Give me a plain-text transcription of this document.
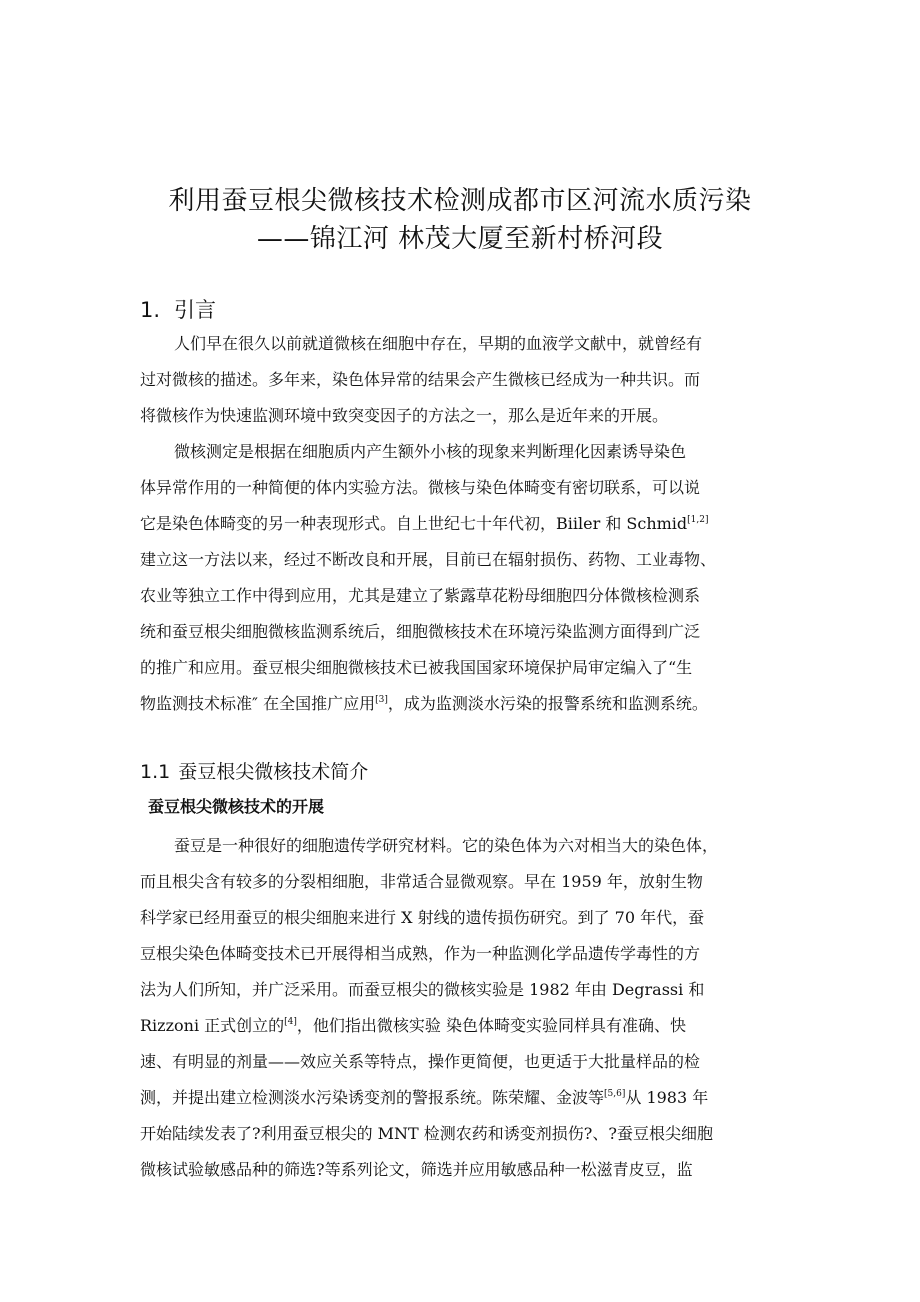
利用蚕豆根尖微核技术检测成都市区河流水质污染
——锦江河 林茂大厦至新村桥河段
1. 引言
人们早在很久以前就道微核在细胞中存在，早期的血液学文献中，就曾经有
过对微核的描述。多年来，染色体异常的结果会产生微核已经成为一种共识。而
将微核作为快速监测环境中致突变因子的方法之一，那么是近年来的开展。
微核测定是根据在细胞质内产生额外小核的现象来判断理化因素诱导染色
体异常作用的一种简便的体内实验方法。微核与染色体畸变有密切联系，可以说
它是染色体畸变的另一种表现形式。自上世纪七十年代初，Biiler 和 Schmid[1,2]
建立这一方法以来，经过不断改良和开展，目前已在辐射损伤、药物、工业毒物、
农业等独立工作中得到应用，尤其是建立了紫露草花粉母细胞四分体微核检测系
统和蚕豆根尖细胞微核监测系统后，细胞微核技术在环境污染监测方面得到广泛
的推广和应用。蚕豆根尖细胞微核技术已被我国国家环境保护局审定编入了“生
物监测技术标准″ 在全国推广应用[3]，成为监测淡水污染的报警系统和监测系统。
1.1 蚕豆根尖微核技术简介
蚕豆根尖微核技术的开展
蚕豆是一种很好的细胞遗传学研究材料。它的染色体为六对相当大的染色体，
而且根尖含有较多的分裂相细胞，非常适合显微观察。早在 1959 年，放射生物
科学家已经用蚕豆的根尖细胞来进行 X 射线的遗传损伤研究。到了 70 年代，蚕
豆根尖染色体畸变技术已开展得相当成熟，作为一种监测化学品遗传学毒性的方
法为人们所知，并广泛采用。而蚕豆根尖的微核实验是 1982 年由 Degrassi 和
Rizzoni 正式创立的[4]，他们指出微核实验 染色体畸变实验同样具有准确、快
速、有明显的剂量——效应关系等特点，操作更简便，也更适于大批量样品的检
测，并提出建立检测淡水污染诱变剂的警报系统。陈荣耀、金波等[5,6]从 1983 年
开始陆续发表了?利用蚕豆根尖的 MNT 检测农药和诱变剂损伤?、?蚕豆根尖细胞
微核试验敏感品种的筛选?等系列论文，筛选并应用敏感品种一松滋青皮豆，监
